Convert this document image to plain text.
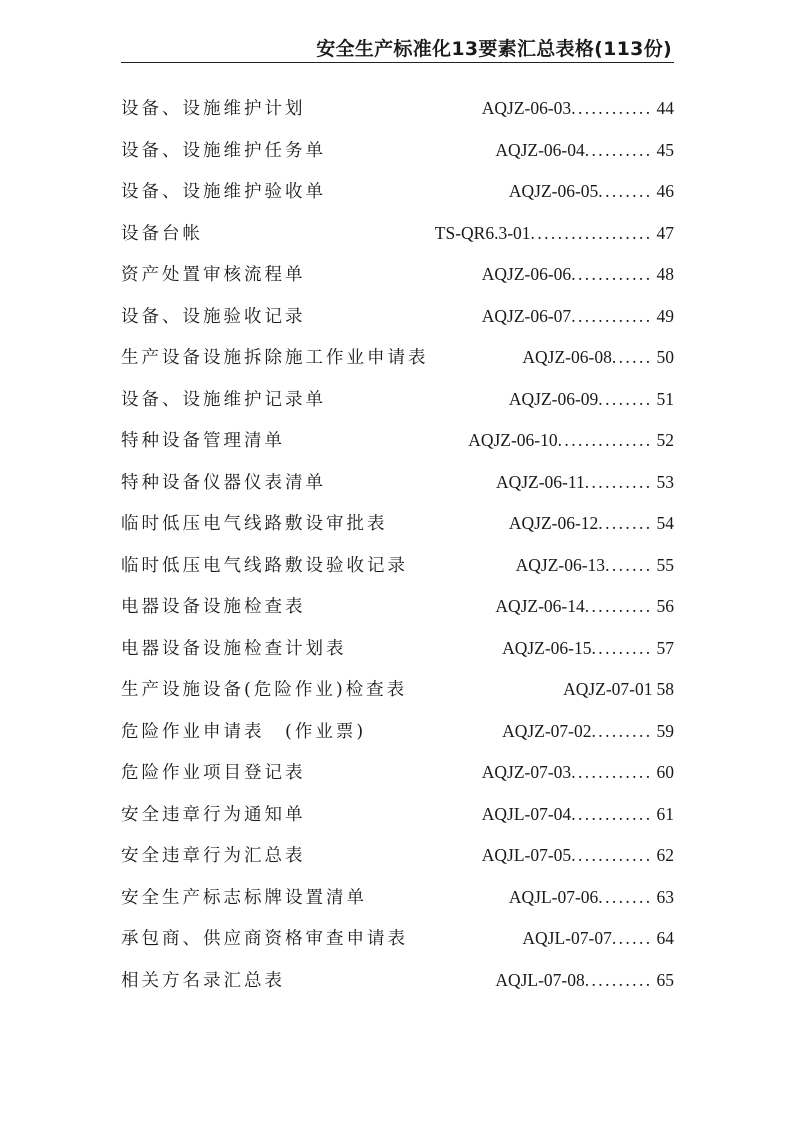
安全生产标准化13要素汇总表格(113份)
设备、设施维护计划	AQJZ-06-03 ............ 44
设备、设施维护任务单	AQJZ-06-04 .......... 45
设备、设施维护验收单	AQJZ-06-05 ........ 46
设备台帐	TS-QR6.3-01 .................. 47
资产处置审核流程单	AQJZ-06-06 ............ 48
设备、设施验收记录	AQJZ-06-07 ............ 49
生产设备设施拆除施工作业申请表	AQJZ-06-08 ...... 50
设备、设施维护记录单	AQJZ-06-09 ........ 51
特种设备管理清单	AQJZ-06-10 .............. 52
特种设备仪器仪表清单	AQJZ-06-11 .......... 53
临时低压电气线路敷设审批表	AQJZ-06-12 ........ 54
临时低压电气线路敷设验收记录	AQJZ-06-13 ....... 55
电器设备设施检查表	AQJZ-06-14 .......... 56
电器设备设施检查计划表	AQJZ-06-15 ......... 57
生产设施设备(危险作业)检查表	AQJZ-07-01 58
危险作业申请表　(作业票)	AQJZ-07-02 ......... 59
危险作业项目登记表	AQJZ-07-03 ............ 60
安全违章行为通知单	AQJL-07-04 ............ 61
安全违章行为汇总表	AQJL-07-05 ............ 62
安全生产标志标牌设置清单	AQJL-07-06 ........ 63
承包商、供应商资格审查申请表	AQJL-07-07 ...... 64
相关方名录汇总表	AQJL-07-08 .......... 65
